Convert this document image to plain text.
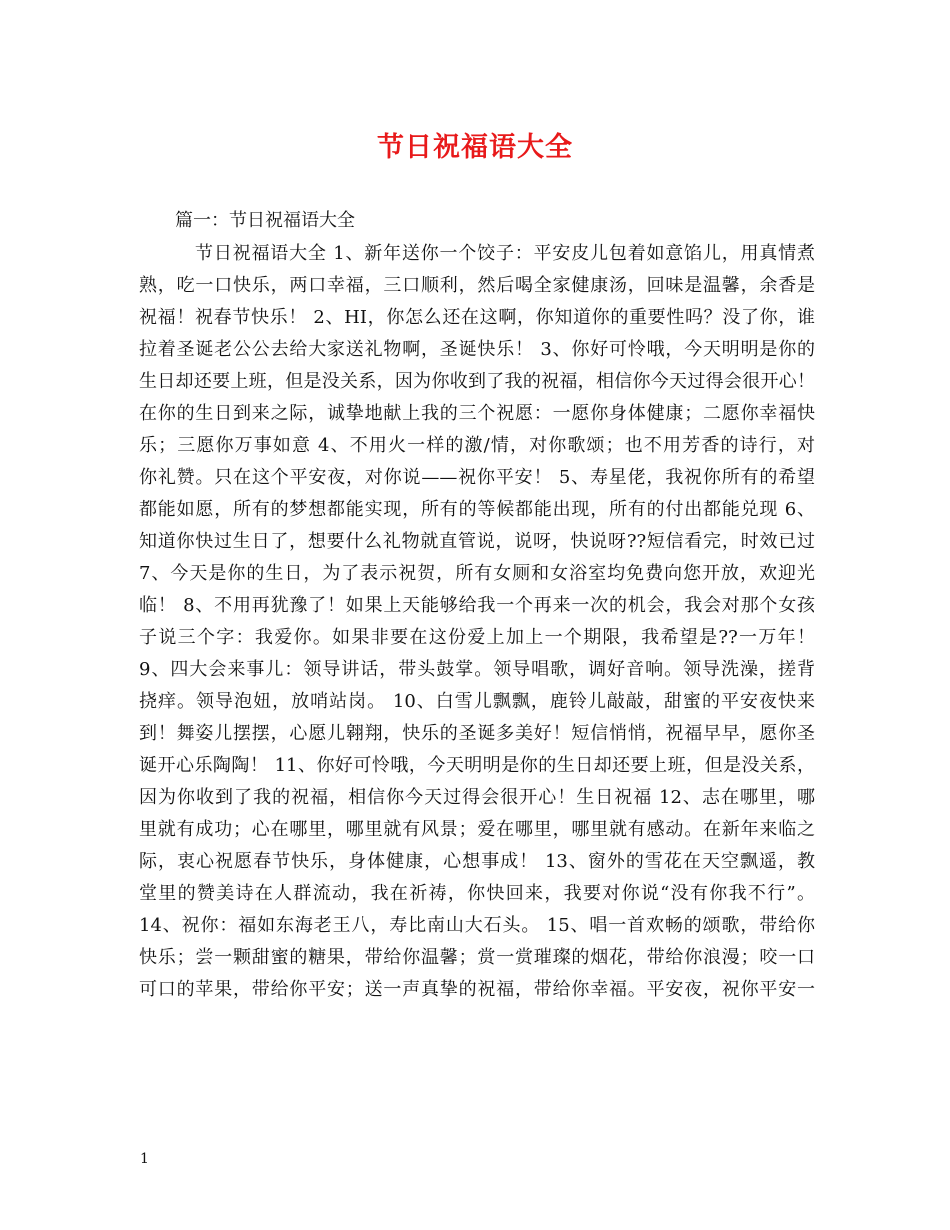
节日祝福语大全
篇一：节日祝福语大全
节日祝福语大全 1、新年送你一个饺子：平安皮儿包着如意馅儿，用真情煮
熟，吃一口快乐，两口幸福，三口顺利，然后喝全家健康汤，回味是温馨，余香是
祝福！祝春节快乐！ 2、HI，你怎么还在这啊，你知道你的重要性吗？没了你，谁
拉着圣诞老公公去给大家送礼物啊，圣诞快乐！ 3、你好可怜哦，今天明明是你的
生日却还要上班，但是没关系，因为你收到了我的祝福，相信你今天过得会很开心！
在你的生日到来之际，诚挚地献上我的三个祝愿：一愿你身体健康；二愿你幸福快
乐；三愿你万事如意 4、不用火一样的激/情，对你歌颂；也不用芳香的诗行，对
你礼赞。只在这个平安夜，对你说——祝你平安！ 5、寿星佬，我祝你所有的希望
都能如愿，所有的梦想都能实现，所有的等候都能出现，所有的付出都能兑现 6、
知道你快过生日了，想要什么礼物就直管说，说呀，快说呀??短信看完，时效已过
7、今天是你的生日，为了表示祝贺，所有女厕和女浴室均免费向您开放，欢迎光
临！ 8、不用再犹豫了！如果上天能够给我一个再来一次的机会，我会对那个女孩
子说三个字：我爱你。如果非要在这份爱上加上一个期限，我希望是??一万年！
9、四大会来事儿：领导讲话，带头鼓掌。领导唱歌，调好音响。领导洗澡，搓背
挠痒。领导泡妞，放哨站岗。 10、白雪儿飘飘，鹿铃儿敲敲，甜蜜的平安夜快来
到！舞姿儿摆摆，心愿儿翱翔，快乐的圣诞多美好！短信悄悄，祝福早早，愿你圣
诞开心乐陶陶！ 11、你好可怜哦，今天明明是你的生日却还要上班，但是没关系，
因为你收到了我的祝福，相信你今天过得会很开心！生日祝福 12、志在哪里，哪
里就有成功；心在哪里，哪里就有风景；爱在哪里，哪里就有感动。在新年来临之
际，衷心祝愿春节快乐，身体健康，心想事成！ 13、窗外的雪花在天空飘遥，教
堂里的赞美诗在人群流动，我在祈祷，你快回来，我要对你说“没有你我不行”。
14、祝你：福如东海老王八，寿比南山大石头。 15、唱一首欢畅的颂歌，带给你
快乐；尝一颗甜蜜的糖果，带给你温馨；赏一赏璀璨的烟花，带给你浪漫；咬一口
可口的苹果，带给你平安；送一声真挚的祝福，带给你幸福。平安夜，祝你平安一
1
